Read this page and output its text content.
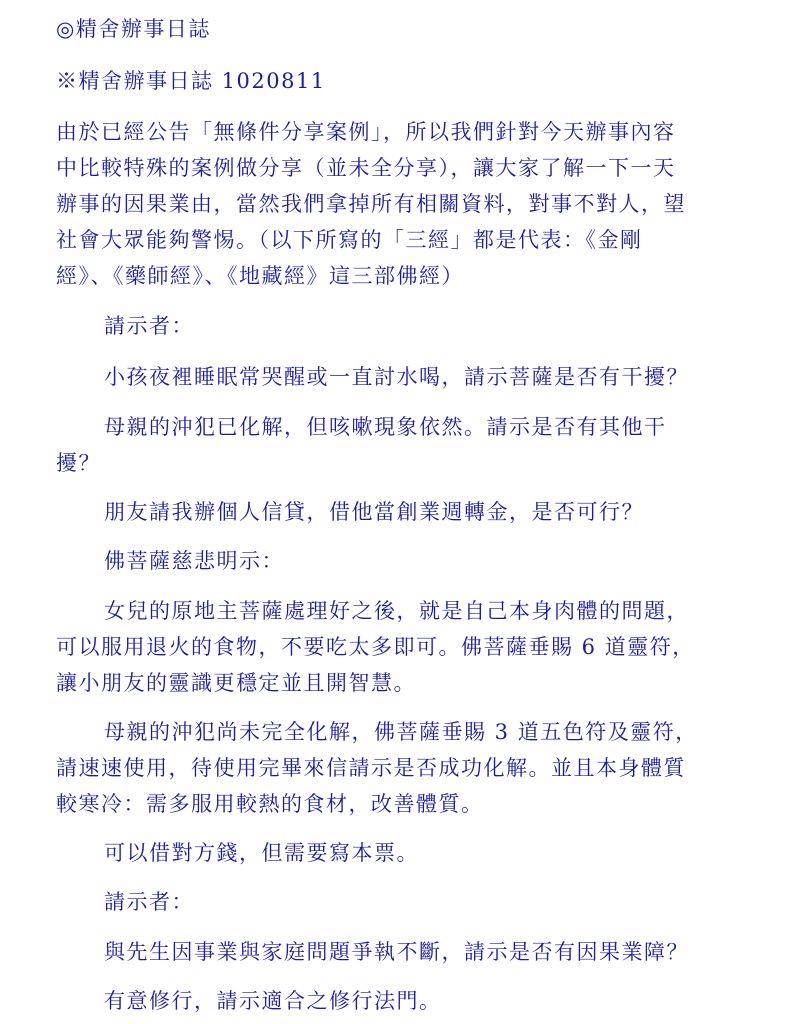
◎精舍辦事日誌
※精舍辦事日誌 1020811
由於已經公告「無條件分享案例」，所以我們針對今天辦事內容
中比較特殊的案例做分享（並未全分享），讓大家了解一下一天
辦事的因果業由，當然我們拿掉所有相關資料，對事不對人，望
社會大眾能夠警惕。（以下所寫的「三經」都是代表：《金剛
經》、《藥師經》、《地藏經》這三部佛經）
請示者：
小孩夜裡睡眠常哭醒或一直討水喝，請示菩薩是否有干擾？
母親的沖犯已化解，但咳嗽現象依然。請示是否有其他干
擾？
朋友請我辦個人信貸，借他當創業週轉金，是否可行？
佛菩薩慈悲明示：
女兒的原地主菩薩處理好之後，就是自己本身肉體的問題，
可以服用退火的食物，不要吃太多即可。佛菩薩垂賜 6 道靈符，
讓小朋友的靈識更穩定並且開智慧。
母親的沖犯尚未完全化解，佛菩薩垂賜 3 道五色符及靈符，
請速速使用，待使用完畢來信請示是否成功化解。並且本身體質
較寒冷：需多服用較熱的食材，改善體質。
可以借對方錢，但需要寫本票。
請示者：
與先生因事業與家庭問題爭執不斷，請示是否有因果業障？
有意修行，請示適合之修行法門。
